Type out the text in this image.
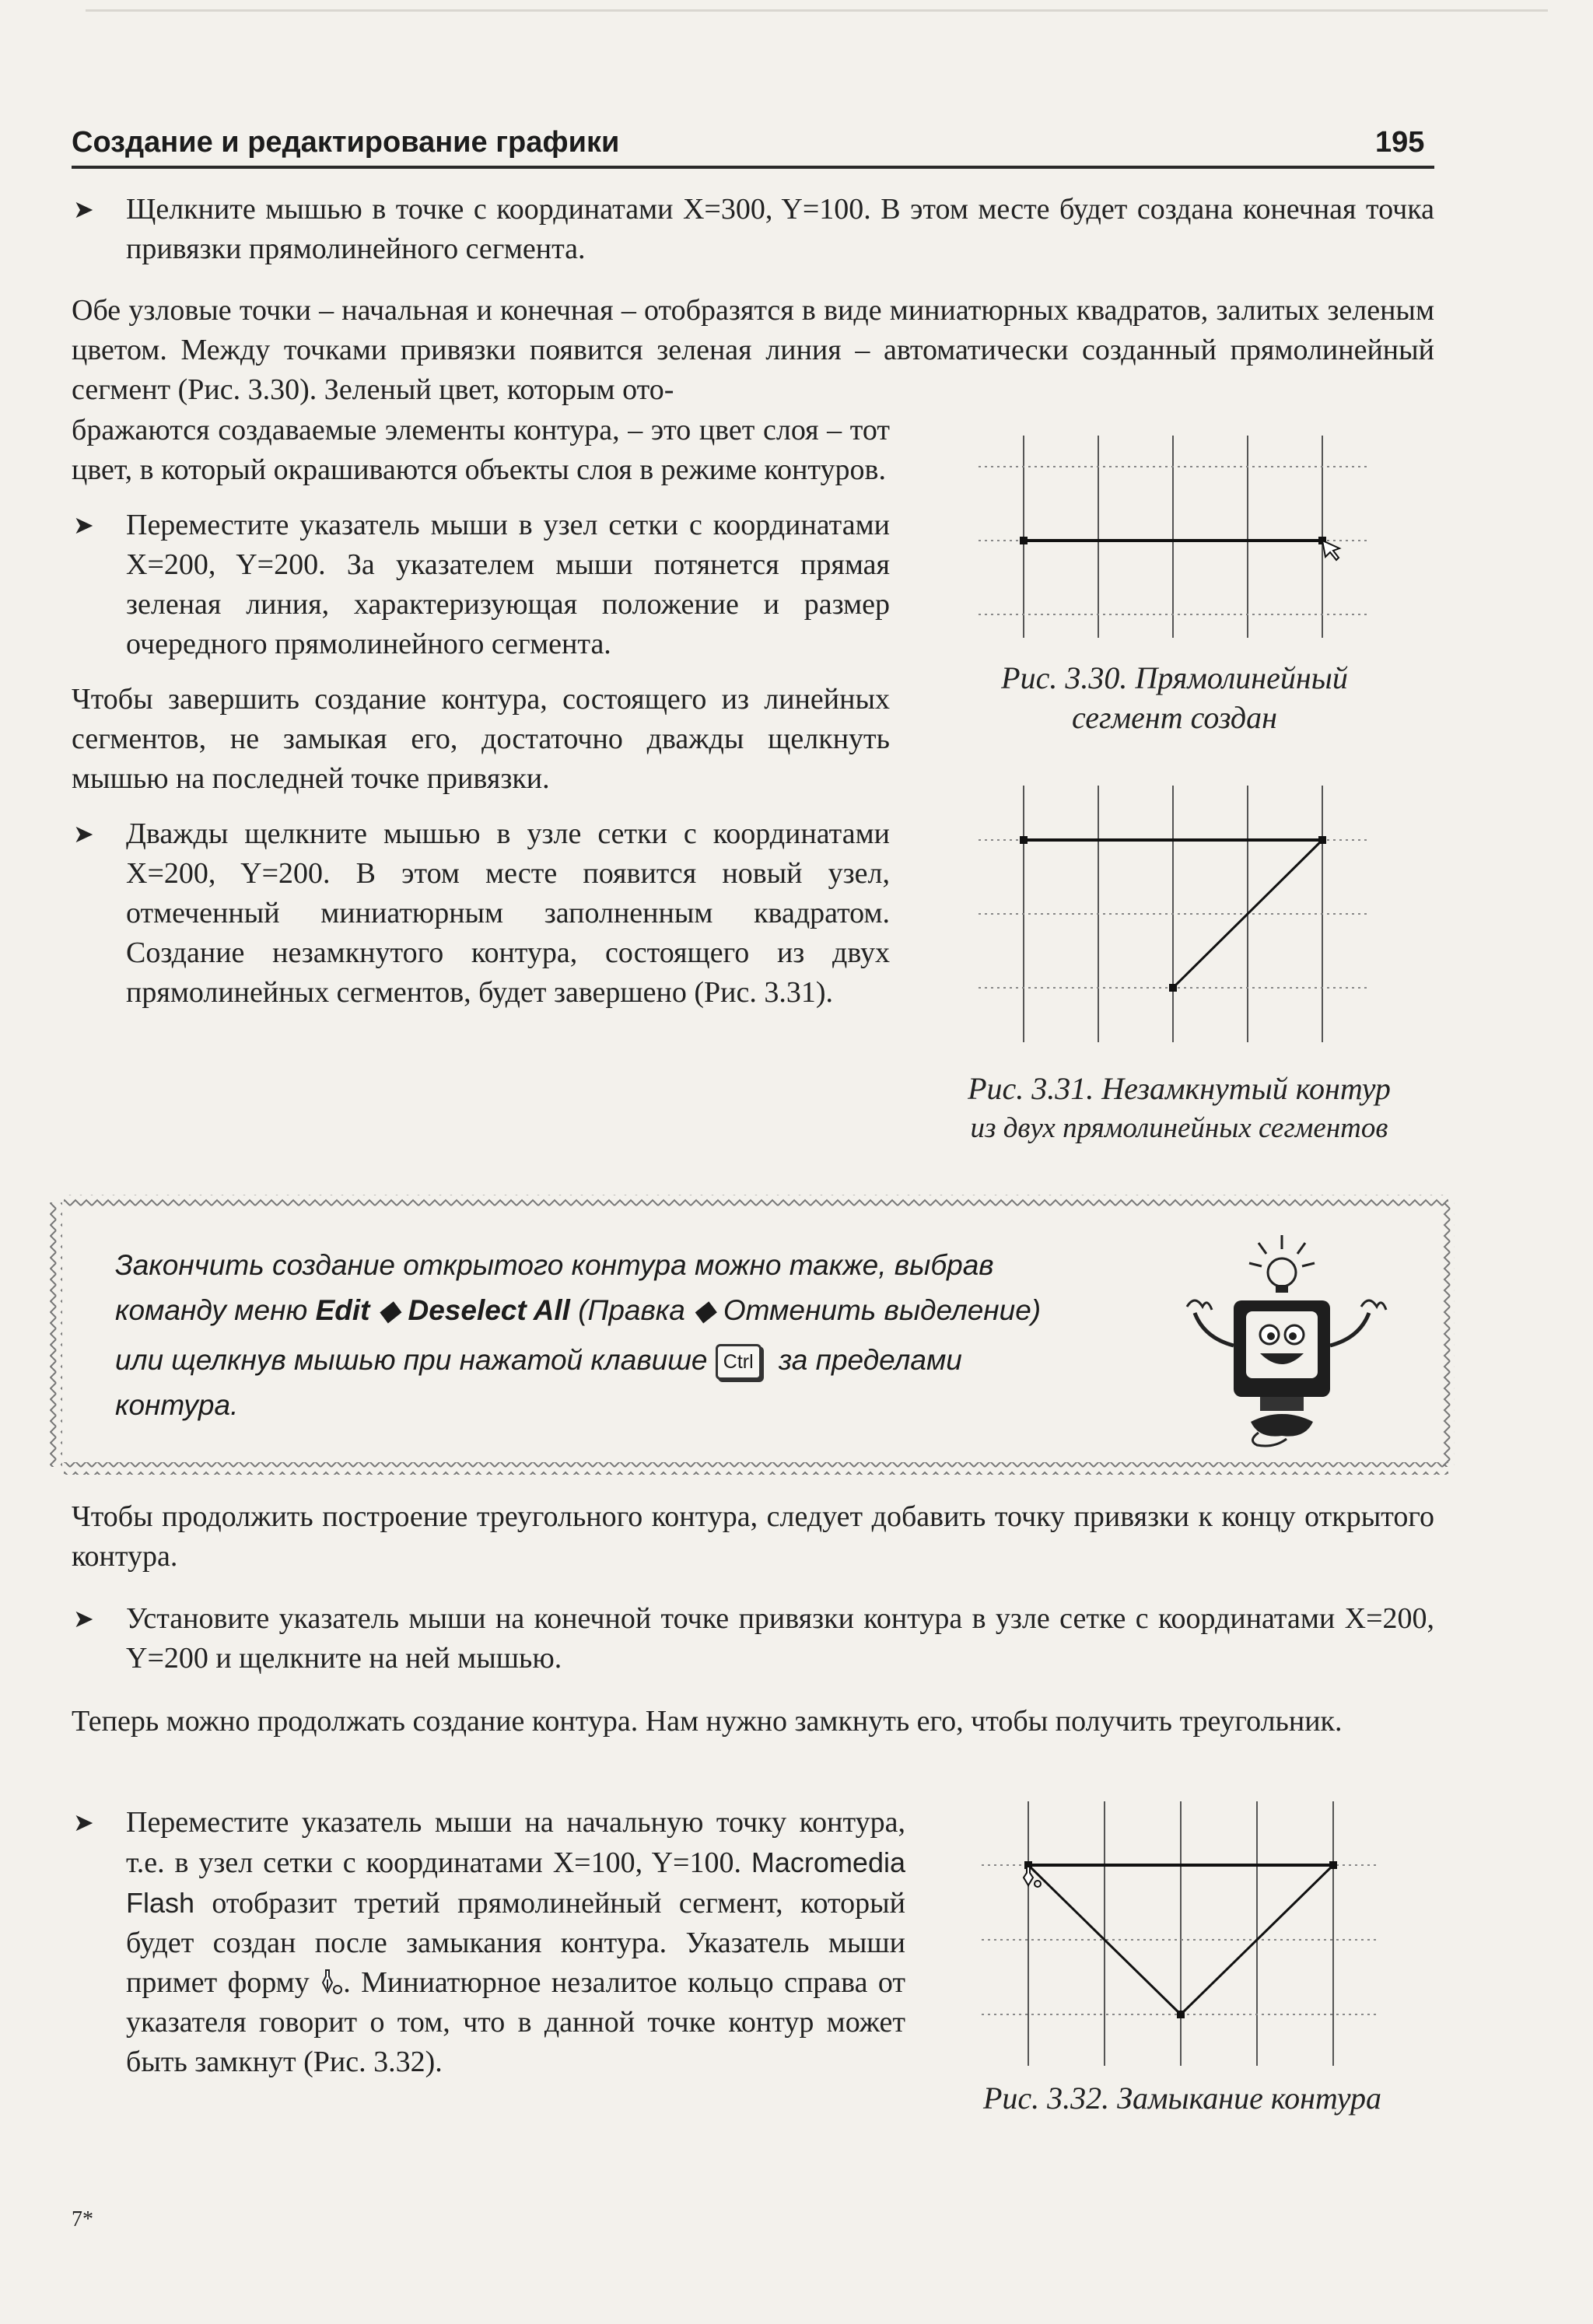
Создание и редактирование графики	195

➤ Щелкните мышью в точке с координатами X=300, Y=100. В этом месте будет создана конечная точка привязки прямолинейного сегмента.

Обе узловые точки – начальная и конечная – отобразятся в виде миниатюрных квадратов, залитых зеленым цветом. Между точками привязки появится зеленая линия – автоматически созданный прямолинейный сегмент (Рис. 3.30). Зеленый цвет, которым ото-

бражаются создаваемые элементы контура, – это цвет слоя – тот цвет, в который окрашиваются объекты слоя в режиме контуров.

➤ Переместите указатель мыши в узел сетки с координатами X=200, Y=200. За указателем мыши потянется прямая зеленая линия, характеризующая положение и размер очередного прямолинейного сегмента.

Чтобы завершить создание контура, состоящего из линейных сегментов, не замыкая его, достаточно дважды щелкнуть мышью на последней точке привязки.

➤ Дважды щелкните мышью в узле сетки с координатами X=200, Y=200. В этом месте появится новый узел, отмеченный миниатюрным заполненным квадратом. Создание незамкнутого контура, состоящего из двух прямолинейных сегментов, будет завершено (Рис. 3.31).

Рис. 3.30. Прямолинейный

сегмент создан

Рис. 3.31. Незамкнутый контур

из двух прямолинейных сегментов

Закончить создание открытого контура можно также, выбрав

команду меню Edit ◆ Deselect All (Правка ◆ Отменить выделение)

или щелкнув мышью при нажатой клавише Ctrl за пределами

контура.

Чтобы продолжить построение треугольного контура, следует добавить точку привязки к концу открытого контура.

➤ Установите указатель мыши на конечной точке привязки контура в узле сетке с координатами X=200, Y=200 и щелкните на ней мышью.

Теперь можно продолжать создание контура. Нам нужно замкнуть его, чтобы получить треугольник.

➤ Переместите указатель мыши на начальную точку контура, т.е. в узел сетки с координатами X=100, Y=100. Macromedia Flash отобразит третий прямолинейный сегмент, который будет создан после замыкания контура. Указатель мыши примет форму . Миниатюрное незалитое кольцо справа от указателя говорит о том, что в данной точке контур может быть замкнут (Рис. 3.32).

Рис. 3.32. Замыкание контура

7*
